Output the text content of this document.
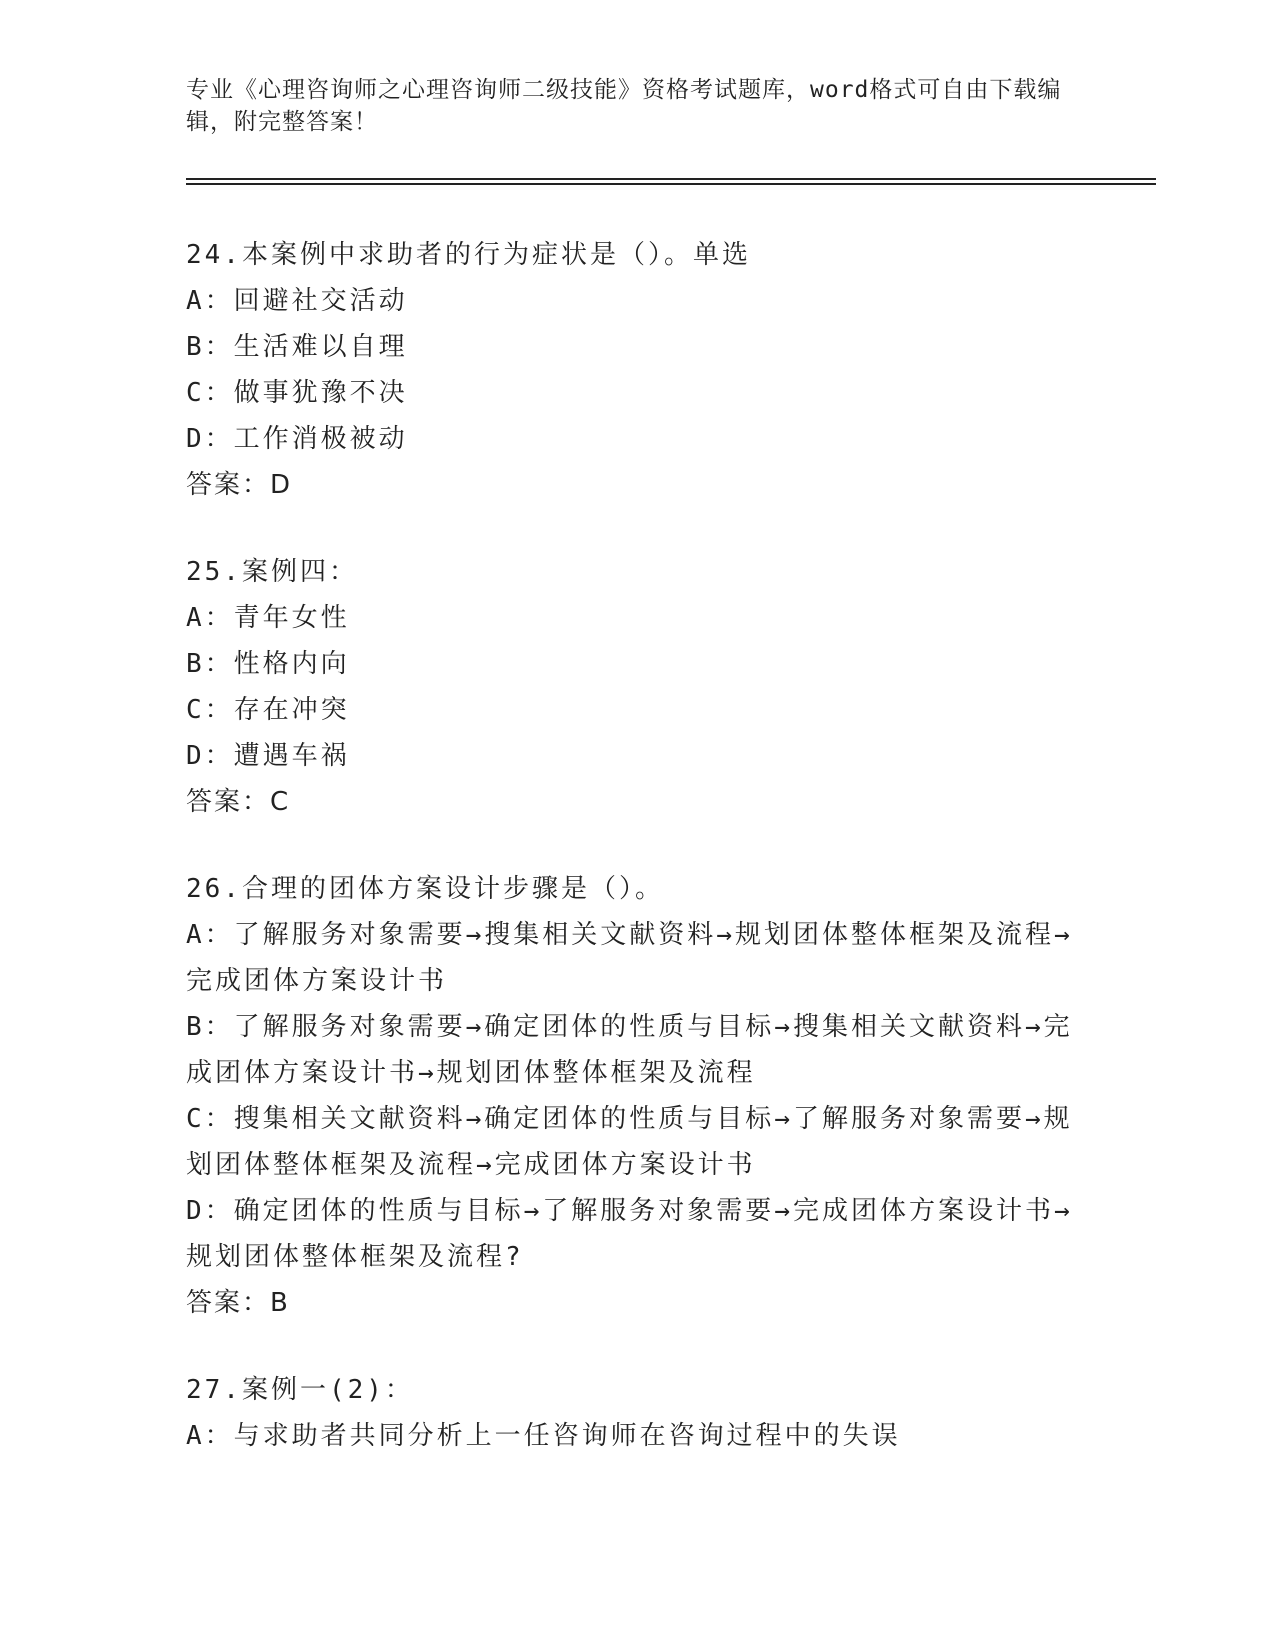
专业《心理咨询师之心理咨询师二级技能》资格考试题库，word格式可自由下载编辑，附完整答案！
24.本案例中求助者的行为症状是（）。单选
A：回避社交活动
B：生活难以自理
C：做事犹豫不决
D：工作消极被动
答案：D
25.案例四：
A：青年女性
B：性格内向
C：存在冲突
D：遭遇车祸
答案：C
26.合理的团体方案设计步骤是（）。
A：了解服务对象需要→搜集相关文献资料→规划团体整体框架及流程→完成团体方案设计书
B：了解服务对象需要→确定团体的性质与目标→搜集相关文献资料→完成团体方案设计书→规划团体整体框架及流程
C：搜集相关文献资料→确定团体的性质与目标→了解服务对象需要→规划团体整体框架及流程→完成团体方案设计书
D：确定团体的性质与目标→了解服务对象需要→完成团体方案设计书→规划团体整体框架及流程?
答案：B
27.案例一(2)：
A：与求助者共同分析上一任咨询师在咨询过程中的失误
